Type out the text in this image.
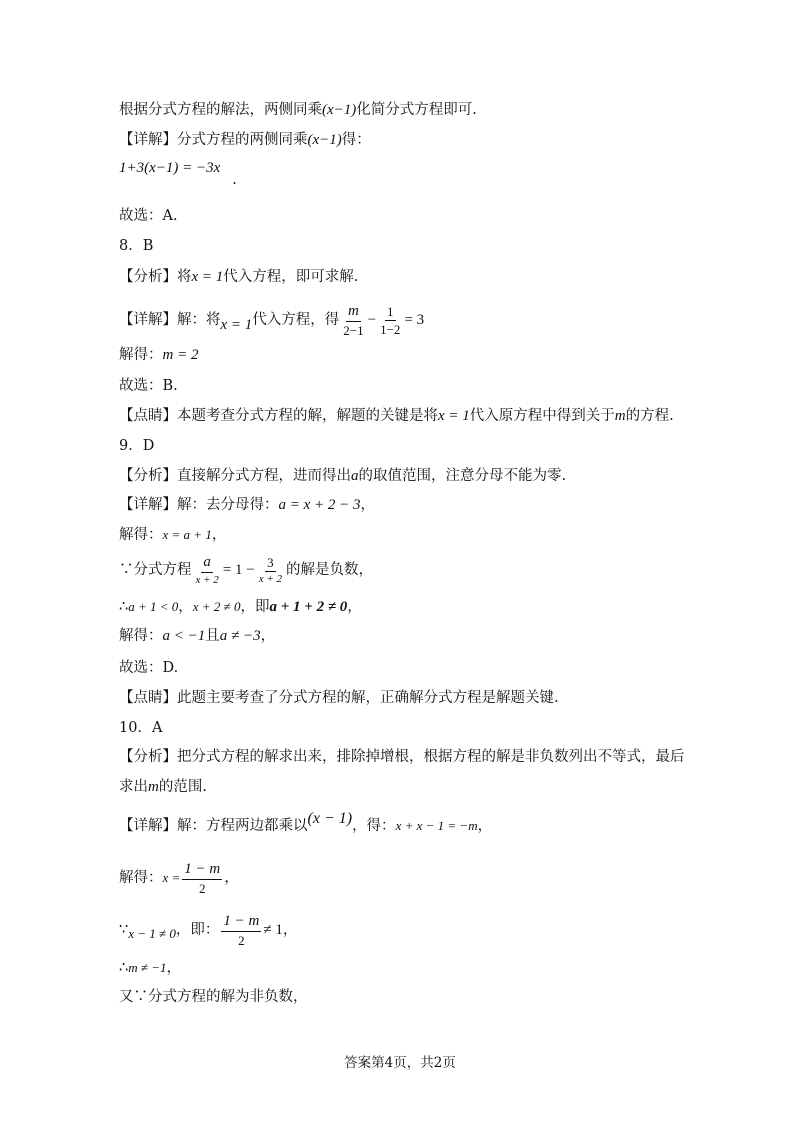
根据分式方程的解法，两侧同乘(x−1)化简分式方程即可.
【详解】分式方程的两侧同乘(x−1)得：
1+3(x−1) = −3x.
故选：A.
8．B
【分析】将x = 1代入方程，即可求解.
【详解】解：将x = 1代入方程，得 $\frac{m}{2-1} - \frac{1}{1-2} = 3$
解得：m = 2
故选：B.
【点睛】本题考查分式方程的解，解题的关键是将x = 1代入原方程中得到关于m的方程.
9．D
【分析】直接解分式方程，进而得出a的取值范围，注意分母不能为零.
【详解】解：去分母得：a = x + 2 − 3，
解得：x = a + 1，
∵分式方程 $\frac{a}{x + 2} = 1 - \frac{3}{x + 2}$ 的解是负数，
∴a + 1 < 0，x + 2 ≠ 0，即a + 1 + 2 ≠ 0，
解得：a < −1且a ≠ −3，
故选：D.
【点睛】此题主要考查了分式方程的解，正确解分式方程是解题关键.
10．A
【分析】把分式方程的解求出来，排除掉增根，根据方程的解是非负数列出不等式，最后
求出m的范围.
【详解】解：方程两边都乘以(x − 1)，得：x + x − 1 = −m，
解得：$x = \frac{1 - m}{2}$ ，
∵x − 1 ≠ 0，即： $\frac{1 - m}{2} \ne 1$，
∴m ≠ −1，
又∵分式方程的解为非负数，
答案第4页，共2页
